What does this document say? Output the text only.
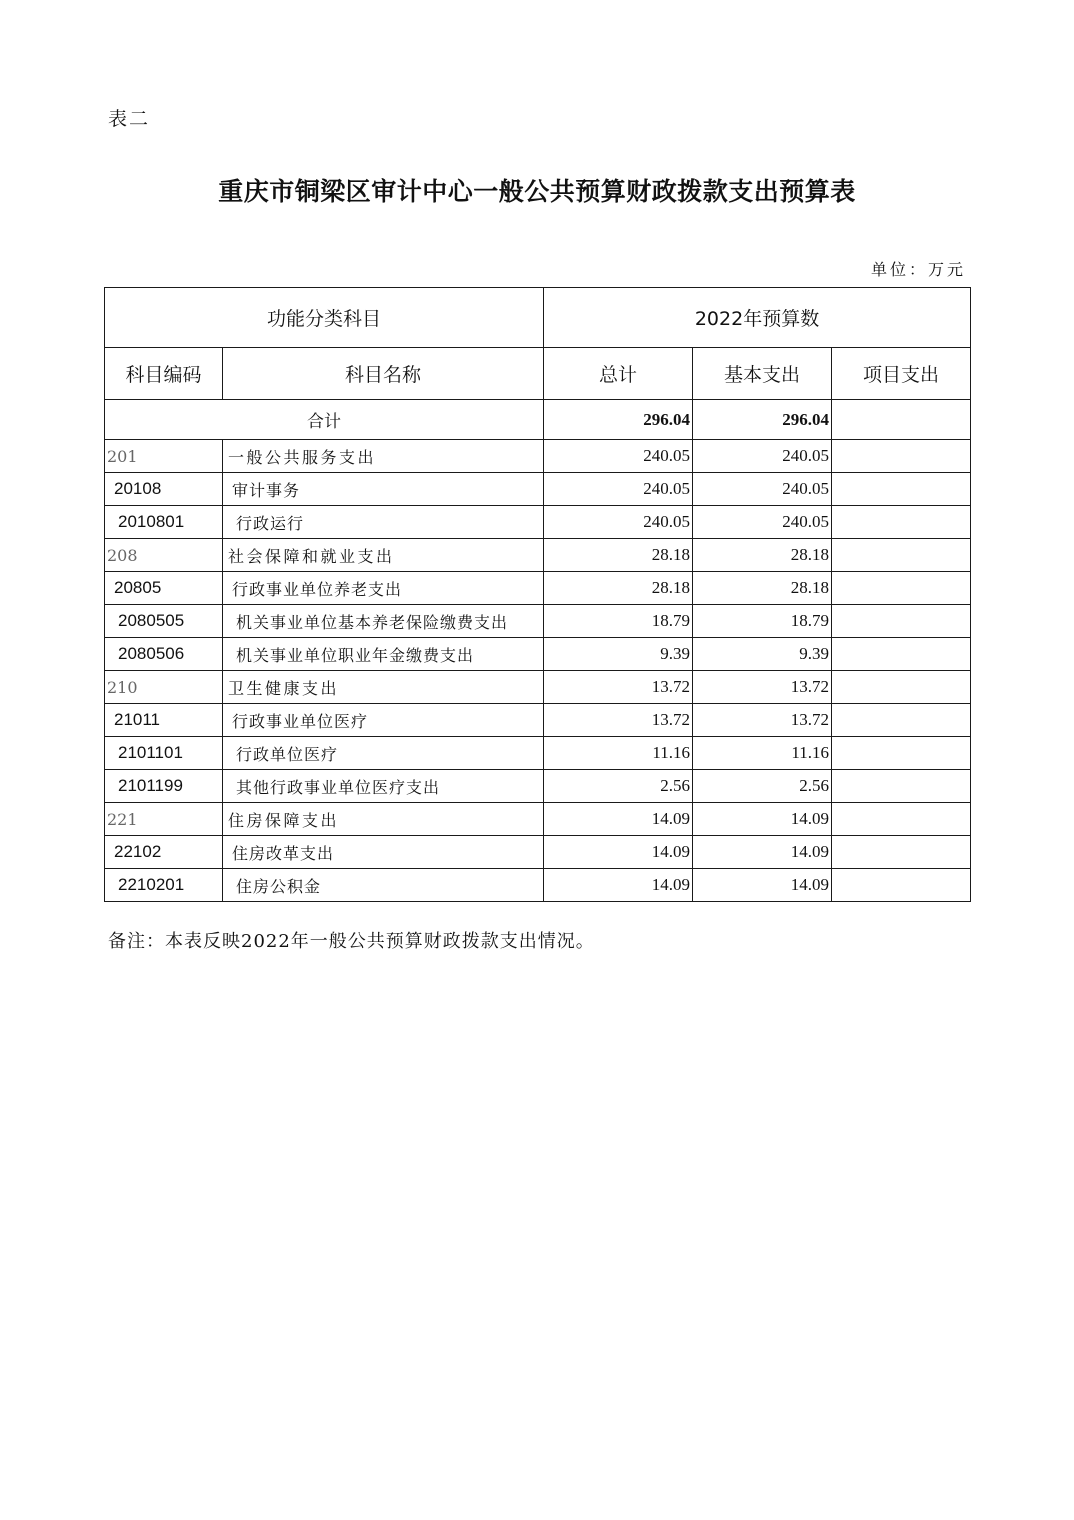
表二
重庆市铜梁区审计中心一般公共预算财政拨款支出预算表
单位：万元
功能分类科目		2022年预算数		
科目编码	科目名称	总计	基本支出	项目支出
合计		296.04	296.04	
201	一般公共服务支出	240.05	240.05	
20108	审计事务	240.05	240.05	
2010801	行政运行	240.05	240.05	
208	社会保障和就业支出	28.18	28.18	
20805	行政事业单位养老支出	28.18	28.18	
2080505	机关事业单位基本养老保险缴费支出	18.79	18.79	
2080506	机关事业单位职业年金缴费支出	9.39	9.39	
210	卫生健康支出	13.72	13.72	
21011	行政事业单位医疗	13.72	13.72	
2101101	行政单位医疗	11.16	11.16	
2101199	其他行政事业单位医疗支出	2.56	2.56	
221	住房保障支出	14.09	14.09	
22102	住房改革支出	14.09	14.09	
2210201	住房公积金	14.09	14.09	
备注：本表反映2022年一般公共预算财政拨款支出情况。
